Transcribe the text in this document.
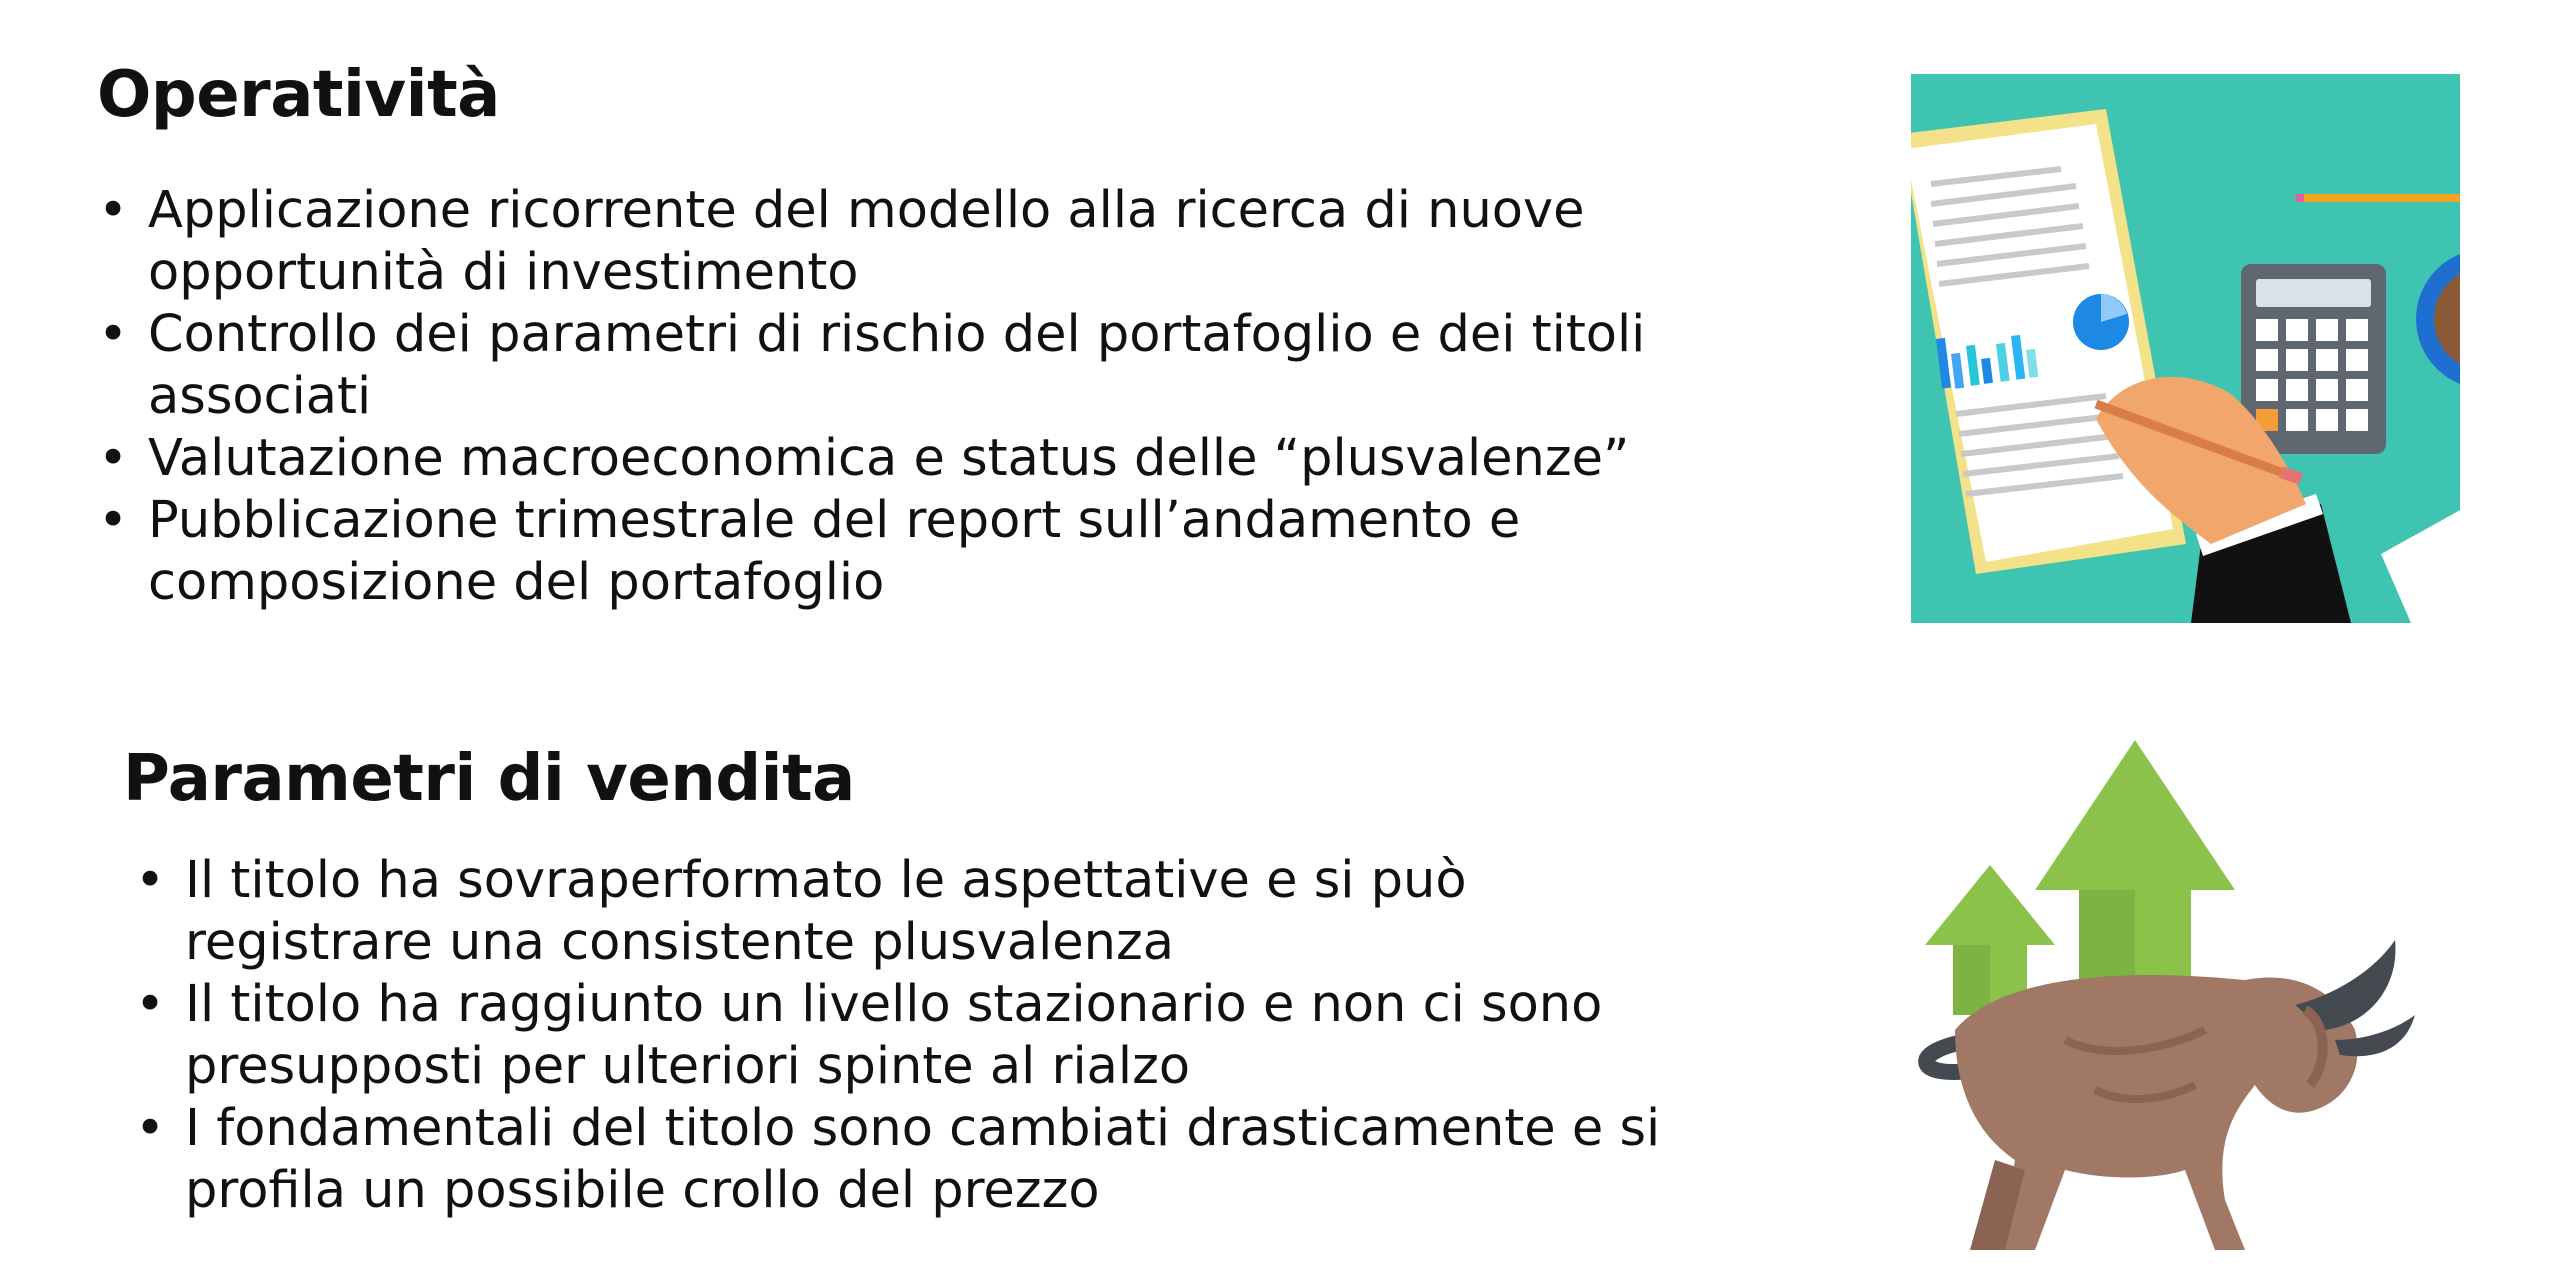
Operatività
• Applicazione ricorrente del modello alla ricerca di nuove opportunità di investimento
• Controllo dei parametri di rischio del portafoglio e dei titoli associati
• Valutazione macroeconomica e status delle “plusvalenze”
• Pubblicazione trimestrale del report sull’andamento e composizione del portafoglio
Parametri di vendita
• Il titolo ha sovraperformato le aspettative e si può registrare una consistente plusvalenza
• Il titolo ha raggiunto un livello stazionario e non ci sono presupposti per ulteriori spinte al rialzo
• I fondamentali del titolo sono cambiati drasticamente e si profila un possibile crollo del prezzo
